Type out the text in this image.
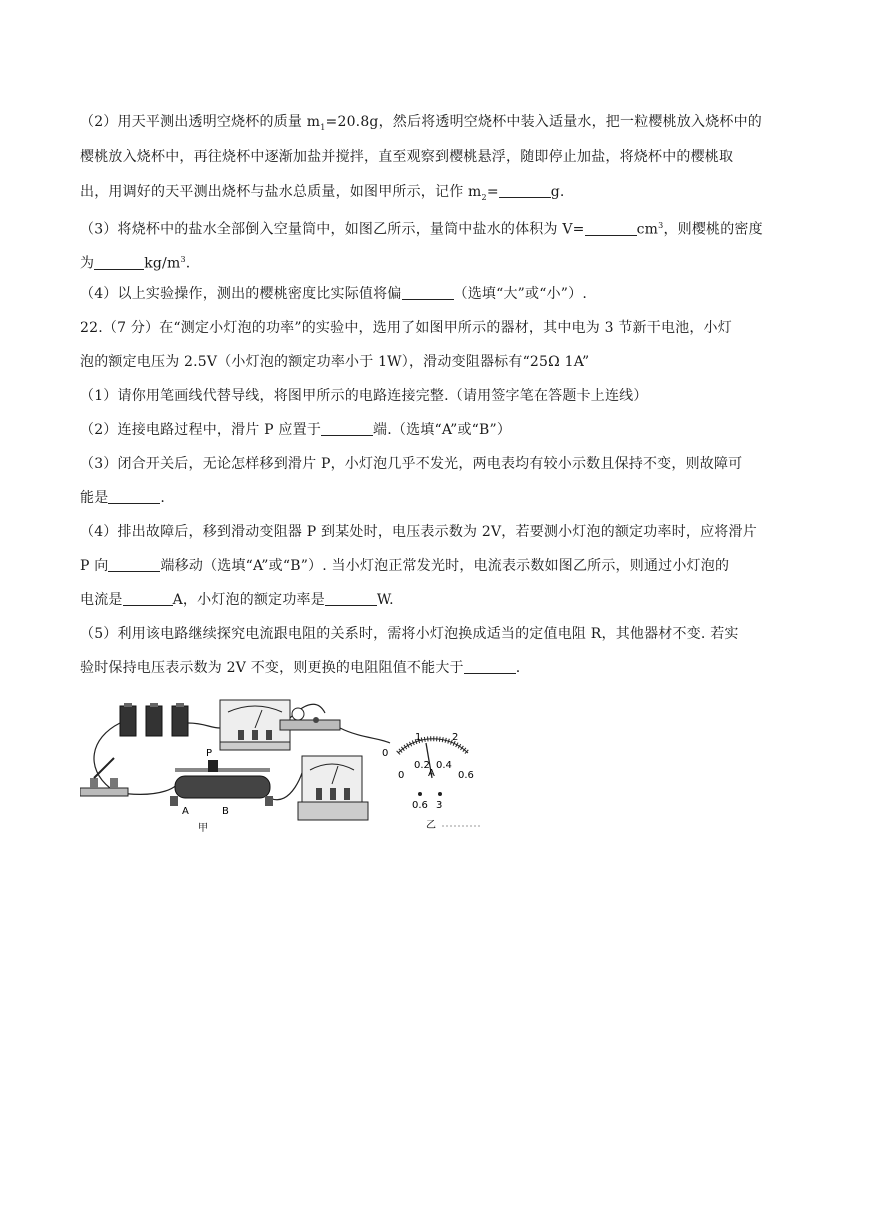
（2）用天平测出透明空烧杯的质量 $m_1=20.8g$，然后将透明空烧杯中装入适量水，把一粒樱桃放入烧杯中的
樱桃放入烧杯中，再往烧杯中逐渐加盐并搅拌，直至观察到樱桃悬浮，随即停止加盐，将烧杯中的樱桃取
出，用调好的天平测出烧杯与盐水总质量，如图甲所示，记作 $m_2=$	g.
（3）将烧杯中的盐水全部倒入空量筒中，如图乙所示，量筒中盐水的体积为 V=	$cm^3$，则樱桃的密度
为	$kg/m^3$.
（4）以上实验操作，测出的樱桃密度比实际值将偏	（选填“大”或“小”）.
22.（7 分）在“测定小灯泡的功率”的实验中，选用了如图甲所示的器材，其中电为 3 节新干电池，小灯
泡的额定电压为 2.5V（小灯泡的额定功率小于 1W），滑动变阻器标有“25Ω 1A”
（1）请你用笔画线代替导线，将图甲所示的电路连接完整.（请用签字笔在答题卡上连线）
（2）连接电路过程中，滑片 P 应置于	端.（选填“A”或“B”）
（3）闭合开关后，无论怎样移到滑片 P，小灯泡几乎不发光，两电表均有较小示数且保持不变，则故障可
能是	.
（4）排出故障后，移到滑动变阻器 P 到某处时，电压表示数为 2V，若要测小灯泡的额定功率时，应将滑片
P 向	端移动（选填“A”或“B”）. 当小灯泡正常发光时，电流表示数如图乙所示，则通过小灯泡的
电流是	A，小灯泡的额定功率是	W.
（5）利用该电路继续探究电流跟电阻的关系时，需将小灯泡换成适当的定值电阻 R，其他器材不变. 若实
验时保持电压表示数为 2V 不变，则更换的电阻阻值不能大于	.
P
A	B
甲
0
1	2
0
0.2 0.4
0.6
A
0.6 3
乙
